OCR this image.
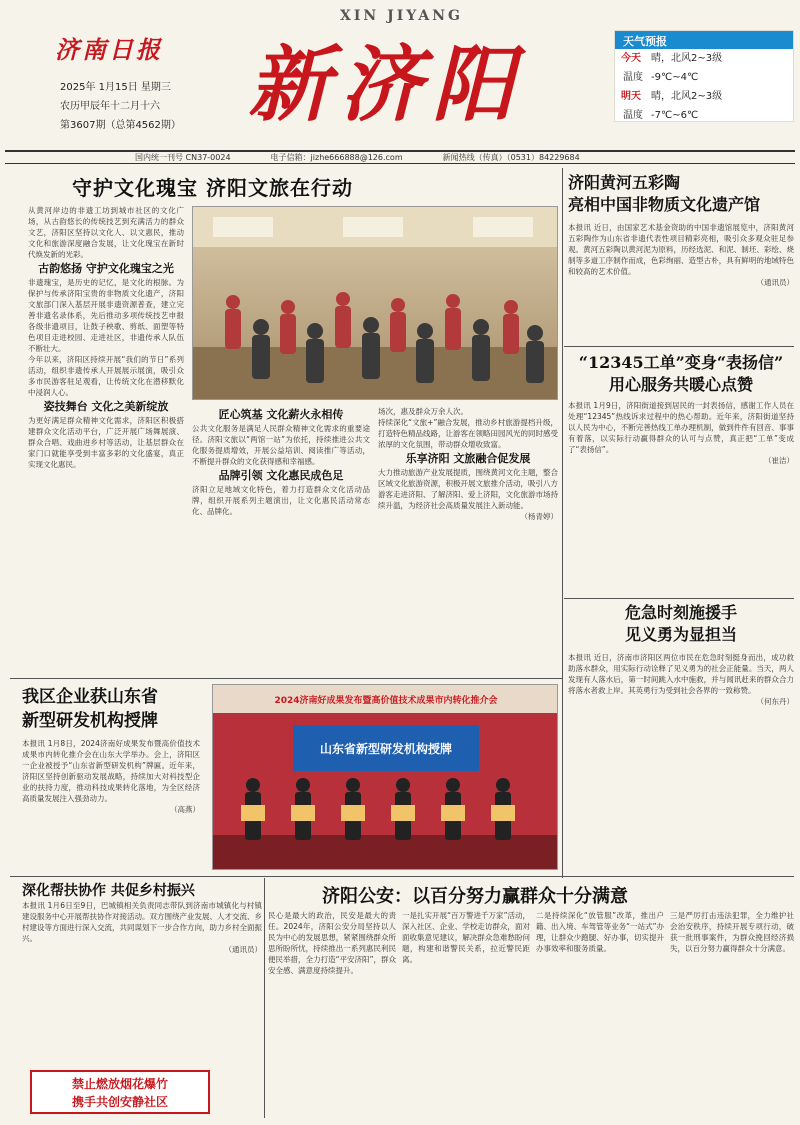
济南日报
2025年 1月15日 星期三
农历甲辰年十二月十六
第3607期（总第4562期）
XIN JIYANG
新济阳	天气预报
今天	晴，北风2~3级
温度 -9℃~4℃
明天	晴，北风2~3级
温度 -7℃~6℃
国内统一刊号 CN37-0024	电子信箱：jizhe666888@126.com	新闻热线（传真）（0531）84229684
守护文化瑰宝 济阳文旅在行动

从黄河岸边的非遗工坊到城市社区的文化广场，从古韵悠长的传统技艺到充满活力的群众文艺，济阳区坚持以文化人、以文惠民，推动文化和旅游深度融合发展，让文化瑰宝在新时代焕发新的光彩。

古韵悠扬 守护文化瑰宝之光

非遗瑰宝，是历史的记忆，是文化的根脉。为保护与传承济阳宝贵的非物质文化遗产，济阳文旅部门深入基层开展非遗资源普查，建立完善非遗名录体系，先后推动多项传统技艺申报各级非遗项目，让鼓子秧歌、剪纸、面塑等特色项目走进校园、走进社区，非遗传承人队伍不断壮大。

今年以来，济阳区持续开展“我们的节日”系列活动，组织非遗传承人开展展示展演，吸引众多市民游客驻足观看，让传统文化在潜移默化中浸润人心。

姿技舞台 文化之美新绽放

为更好满足群众精神文化需求，济阳区积极搭建群众文化活动平台，广泛开展广场舞展演、群众合唱、戏曲进乡村等活动，让基层群众在家门口就能享受到丰富多彩的文化盛宴，真正实现文化惠民。

匠心筑基 文化薪火永相传

公共文化服务是满足人民群众精神文化需求的重要途径。济阳文旅以“两馆一站”为依托，持续推进公共文化服务提质增效，开展公益培训、阅读推广等活动，不断提升群众的文化获得感和幸福感。

品牌引领 文化惠民成色足

济阳立足地域文化特色，着力打造群众文化活动品牌，组织开展系列主题演出，让文化惠民活动常态化、品牌化。

场次，惠及群众万余人次。

持续深化“文旅+”融合发展，推动乡村旅游提档升级，打造特色精品线路，让游客在领略田园风光的同时感受浓厚的文化氛围，带动群众增收致富。

乐享济阳 文旅融合促发展

大力推动旅游产业发展提质，围绕黄河文化主题，整合区域文化旅游资源，积极开展文旅推介活动，吸引八方游客走进济阳、了解济阳、爱上济阳，文化旅游市场持续升温，为经济社会高质量发展注入新动能。

（杨青婷）
济阳黄河五彩陶
亮相中国非物质文化遗产馆

本报讯 近日，由国家艺术基金资助的中国非遗馆展览中，济阳黄河五彩陶作为山东省非遗代表性项目精彩亮相，吸引众多观众驻足参观。黄河五彩陶以黄河泥为原料，历经选泥、和泥、制坯、彩绘、烧制等多道工序制作而成，色彩绚丽、造型古朴，具有鲜明的地域特色和较高的艺术价值。

（通讯员）
“12345工单”变身“表扬信”
用心服务共暖心点赞

本报讯 1月9日，济阳街道接到居民的一封表扬信，感谢工作人员在处理“12345”热线诉求过程中的热心帮助。近年来，济阳街道坚持以人民为中心，不断完善热线工单办理机制，做到件件有回音、事事有着落，以实际行动赢得群众的认可与点赞，真正把“工单”变成了“表扬信”。

（崔洁）
危急时刻施援手
见义勇为显担当

本报讯 近日，济南市济阳区两位市民在危急时刻挺身而出，成功救助落水群众，用实际行动诠释了见义勇为的社会正能量。当天，两人发现有人落水后，第一时间跳入水中施救，并与闻讯赶来的群众合力将落水者救上岸。其英勇行为受到社会各界的一致称赞。

（何东丹）
我区企业获山东省
新型研发机构授牌

本报讯 1月8日，2024济南好成果发布暨高价值技术成果市内转化推介会在山东大学举办。会上，济阳区一企业被授予“山东省新型研发机构”牌匾。近年来，济阳区坚持创新驱动发展战略，持续加大对科技型企业的扶持力度，推动科技成果转化落地，为全区经济高质量发展注入强劲动力。

（高燕）
2024济南好成果发布暨高价值技术成果市内转化推介会
山东省新型研发机构授牌
深化帮扶协作 共促乡村振兴

本报讯 1月6日至9日，巴城镇相关负责同志带队到济南市城镇化与村镇建设服务中心开展帮扶协作对接活动。双方围绕产业发展、人才交流、乡村建设等方面进行深入交流，共同谋划下一步合作方向，助力乡村全面振兴。

（通讯员）
禁止燃放烟花爆竹
携手共创安静社区
济阳公安：以百分努力赢群众十分满意

民心是最大的政治，民安是最大的责任。2024年，济阳公安分局坚持以人民为中心的发展思想，紧紧围绕群众所思所盼所忧，持续推出一系列惠民利民便民举措，全力打造“平安济阳”，群众安全感、满意度持续提升。

一是扎实开展“百万警进千万家”活动，深入社区、企业、学校走访群众，面对面收集意见建议，解决群众急难愁盼问题，构建和谐警民关系，拉近警民距离。

二是持续深化“放管服”改革，推出户籍、出入境、车驾管等业务“一站式”办理，让群众少跑腿、好办事，切实提升办事效率和服务质量。

三是严厉打击违法犯罪，全力维护社会治安秩序，持续开展专项行动，破获一批刑事案件，为群众挽回经济损失，以百分努力赢得群众十分满意。
